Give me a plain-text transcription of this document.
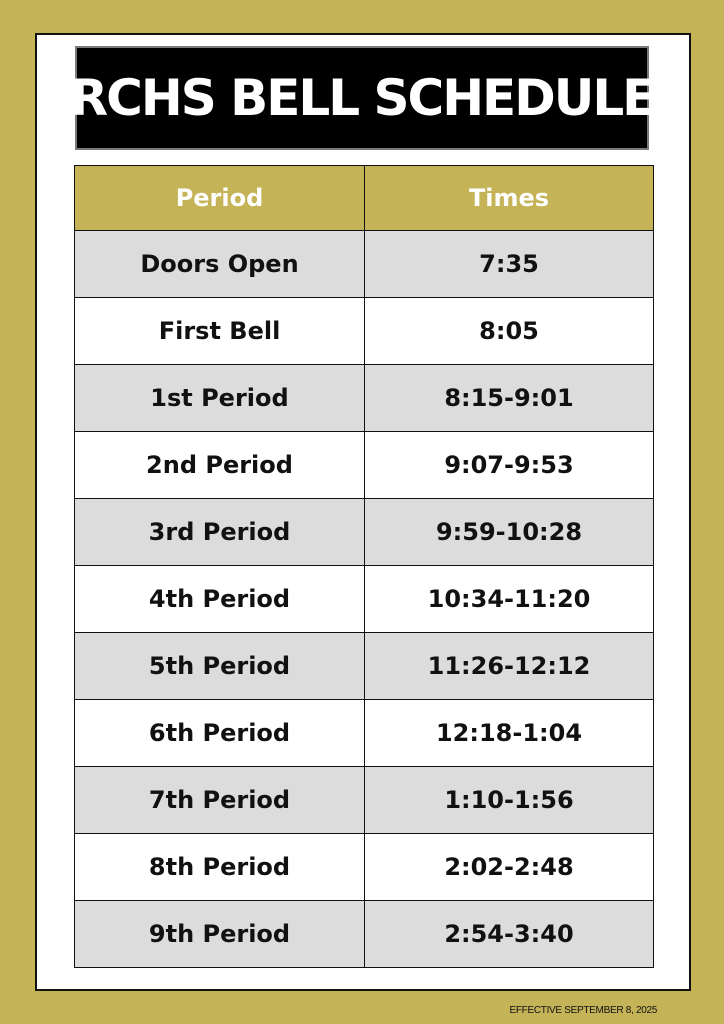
RCHS BELL SCHEDULE
Period	Times
Doors Open	7:35
First Bell	8:05
1st Period	8:15-9:01
2nd Period	9:07-9:53
3rd Period	9:59-10:28
4th Period	10:34-11:20
5th Period	11:26-12:12
6th Period	12:18-1:04
7th Period	1:10-1:56
8th Period	2:02-2:48
9th Period	2:54-3:40
EFFECTIVE SEPTEMBER 8, 2025
